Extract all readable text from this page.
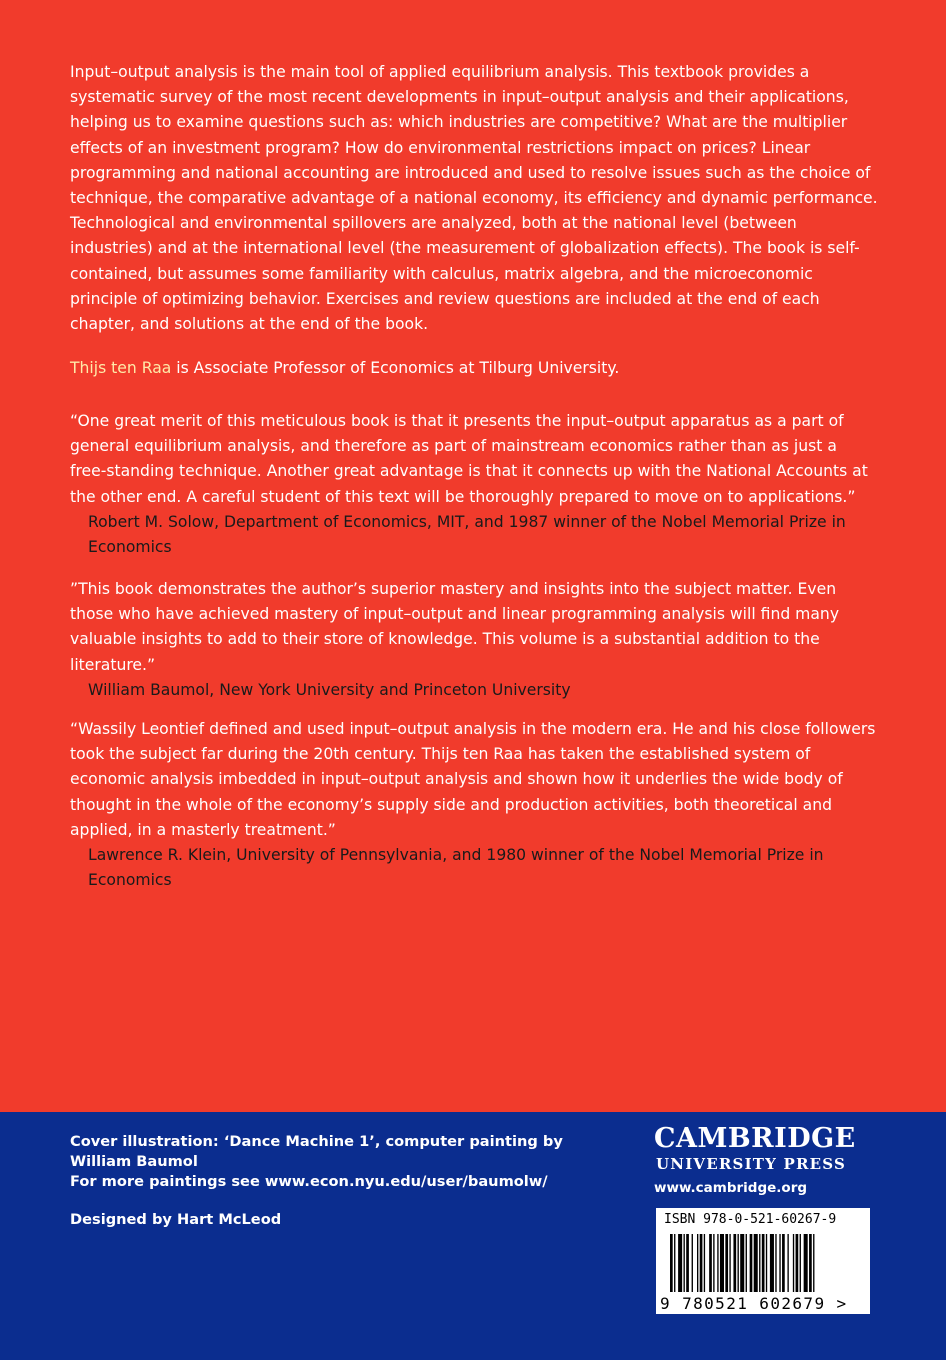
Input–output analysis is the main tool of applied equilibrium analysis. This textbook provides a systematic survey of the most recent developments in input–output analysis and their applications, helping us to examine questions such as: which industries are competitive? What are the multiplier effects of an investment program? How do environmental restrictions impact on prices? Linear programming and national accounting are introduced and used to resolve issues such as the choice of technique, the comparative advantage of a national economy, its efficiency and dynamic performance. Technological and environmental spillovers are analyzed, both at the national level (between industries) and at the international level (the measurement of globalization effects). The book is self-contained, but assumes some familiarity with calculus, matrix algebra, and the microeconomic principle of optimizing behavior. Exercises and review questions are included at the end of each chapter, and solutions at the end of the book.

Thijs ten Raa is Associate Professor of Economics at Tilburg University.

“One great merit of this meticulous book is that it presents the input–output apparatus as a part of general equilibrium analysis, and therefore as part of mainstream economics rather than as just a free-standing technique. Another great advantage is that it connects up with the National Accounts at the other end. A careful student of this text will be thoroughly prepared to move on to applications.”

Robert M. Solow, Department of Economics, MIT, and 1987 winner of the Nobel Memorial Prize in Economics

”This book demonstrates the author’s superior mastery and insights into the subject matter. Even those who have achieved mastery of input–output and linear programming analysis will find many valuable insights to add to their store of knowledge. This volume is a substantial addition to the literature.”

William Baumol, New York University and Princeton University

“Wassily Leontief defined and used input–output analysis in the modern era. He and his close followers took the subject far during the 20th century. Thijs ten Raa has taken the established system of economic analysis imbedded in input–output analysis and shown how it underlies the wide body of thought in the whole of the economy’s supply side and production activities, both theoretical and applied, in a masterly treatment.”

Lawrence R. Klein, University of Pennsylvania, and 1980 winner of the Nobel Memorial Prize in Economics

Cover illustration: ‘Dance Machine 1’, computer painting by William Baumol

For more paintings see www.econ.nyu.edu/user/baumolw/

Designed by Hart McLeod

CAMBRIDGE
UNIVERSITY PRESS
www.cambridge.org
ISBN 978-0-521-60267-9
9 780521 602679 >
